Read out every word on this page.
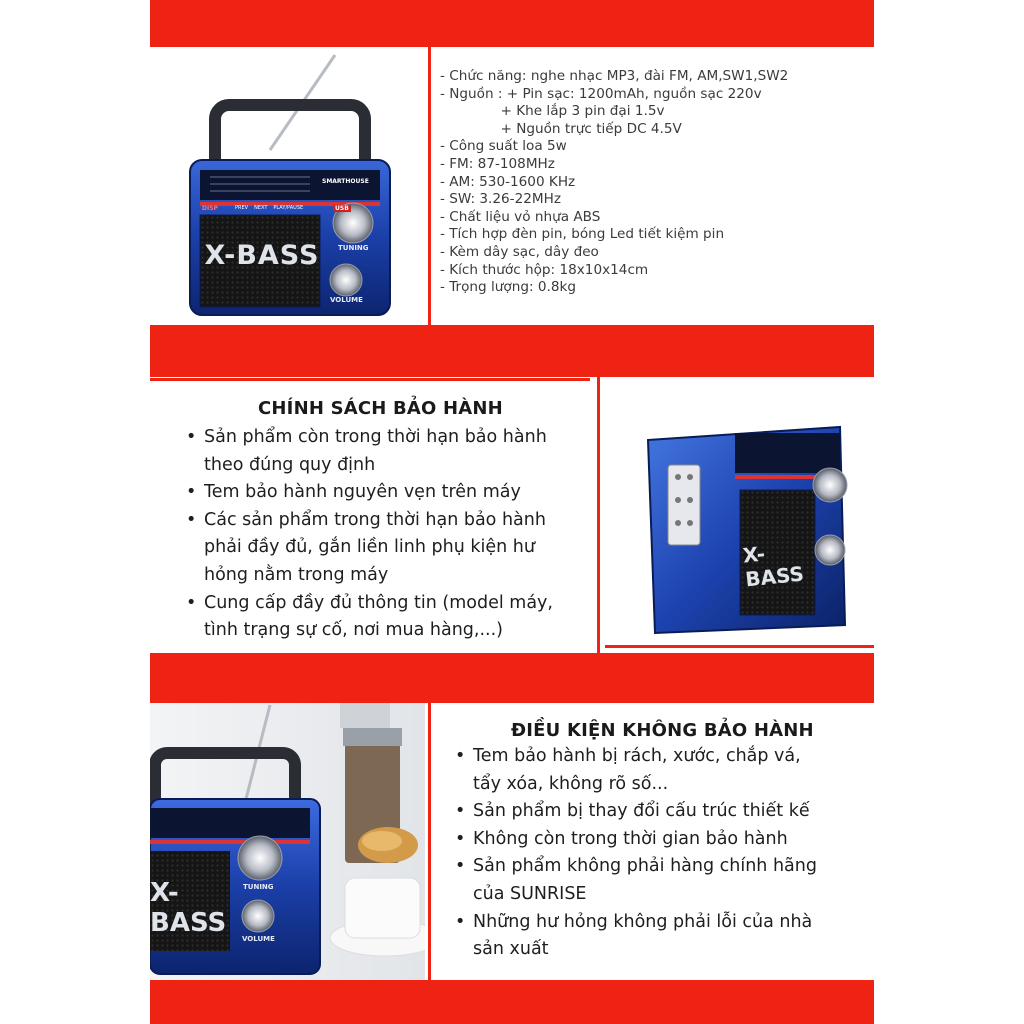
X-BASS
SMARTHOUSE
TUNING
VOLUME
DISP	USB
PREV NEXT PLAY/PAUSE
- Chức năng: nghe nhạc MP3, đài FM, AM,SW1,SW2
- Nguồn : + Pin sạc: 1200mAh, nguồn sạc 220v
+ Khe lắp 3 pin đại 1.5v
+ Nguồn trực tiếp DC 4.5V
- Công suất loa 5w
- FM: 87-108MHz
- AM: 530-1600 KHz
- SW: 3.26-22MHz
- Chất liệu vỏ nhựa ABS
- Tích hợp đèn pin, bóng Led tiết kiệm pin
- Kèm dây sạc, dây đeo
- Kích thước hộp: 18x10x14cm
- Trọng lượng: 0.8kg
CHÍNH SÁCH BẢO HÀNH
• Sản phẩm còn trong thời hạn bảo hành
theo đúng quy định
• Tem bảo hành nguyên vẹn trên máy
• Các sản phẩm trong thời hạn bảo hành
phải đầy đủ, gắn liền linh phụ kiện hư
hỏng nằm trong máy
• Cung cấp đầy đủ thông tin (model máy,
tình trạng sự cố, nơi mua hàng,...)
X-BASS
X-BASS
TUNING
VOLUME
ĐIỀU KIỆN KHÔNG BẢO HÀNH
• Tem bảo hành bị rách, xước, chắp vá,
tẩy xóa, không rõ số...
• Sản phẩm bị thay đổi cấu trúc thiết kế
• Không còn trong thời gian bảo hành
• Sản phẩm không phải hàng chính hãng
của SUNRISE
• Những hư hỏng không phải lỗi của nhà
sản xuất
